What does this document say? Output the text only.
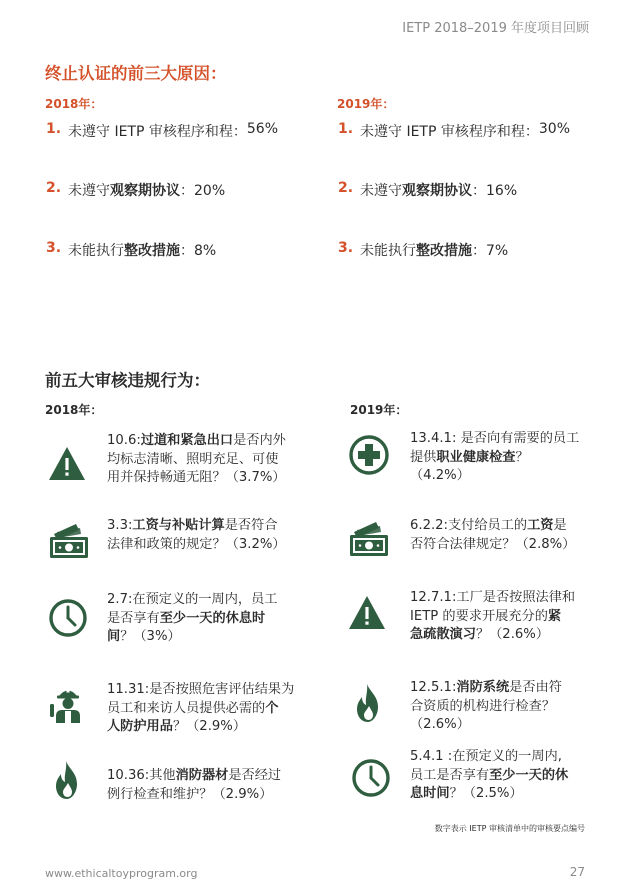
IETP 2018–2019 年度项目回顾
终止认证的前三大原因：
2018年：	2019年：
1. 未遵守 IETP 审核程序和程： 56%
2. 未遵守 观察期协议 ：20%
3. 未能执行 整改措施 ：8%
1. 未遵守 IETP 审核程序和程： 30%
2. 未遵守 观察期协议 ：16%
3. 未能执行 整改措施 ：7%
前五大审核违规行为：
2018年：	2019年：
10.6:过道和紧急出口是否内外
均标志清晰、照明充足、可使
用并保持畅通无阻？（3.7%）
3.3:工资与补贴计算是否符合
法律和政策的规定？（3.2%）
2.7:在预定义的一周内，员工
是否享有至少一天的休息时
间？（3%）
11.31:是否按照危害评估结果为
员工和来访人员提供必需的个
人防护用品？（2.9%）
10.36:其他消防器材是否经过
例行检查和维护？（2.9%）
13.4.1: 是否向有需要的员工
提供职业健康检查？
（4.2%）
6.2.2:支付给员工的工资是
否符合法律规定？（2.8%）
12.7.1:工厂是否按照法律和
IETP 的要求开展充分的紧
急疏散演习？（2.6%）
12.5.1:消防系统是否由符
合资质的机构进行检查？
（2.6%）
5.4.1 :在预定义的一周内,
员工是否享有至少一天的休
息时间？（2.5%）
数字表示 IETP 审核清单中的审核要点编号
www.ethicaltoyprogram.org	27
